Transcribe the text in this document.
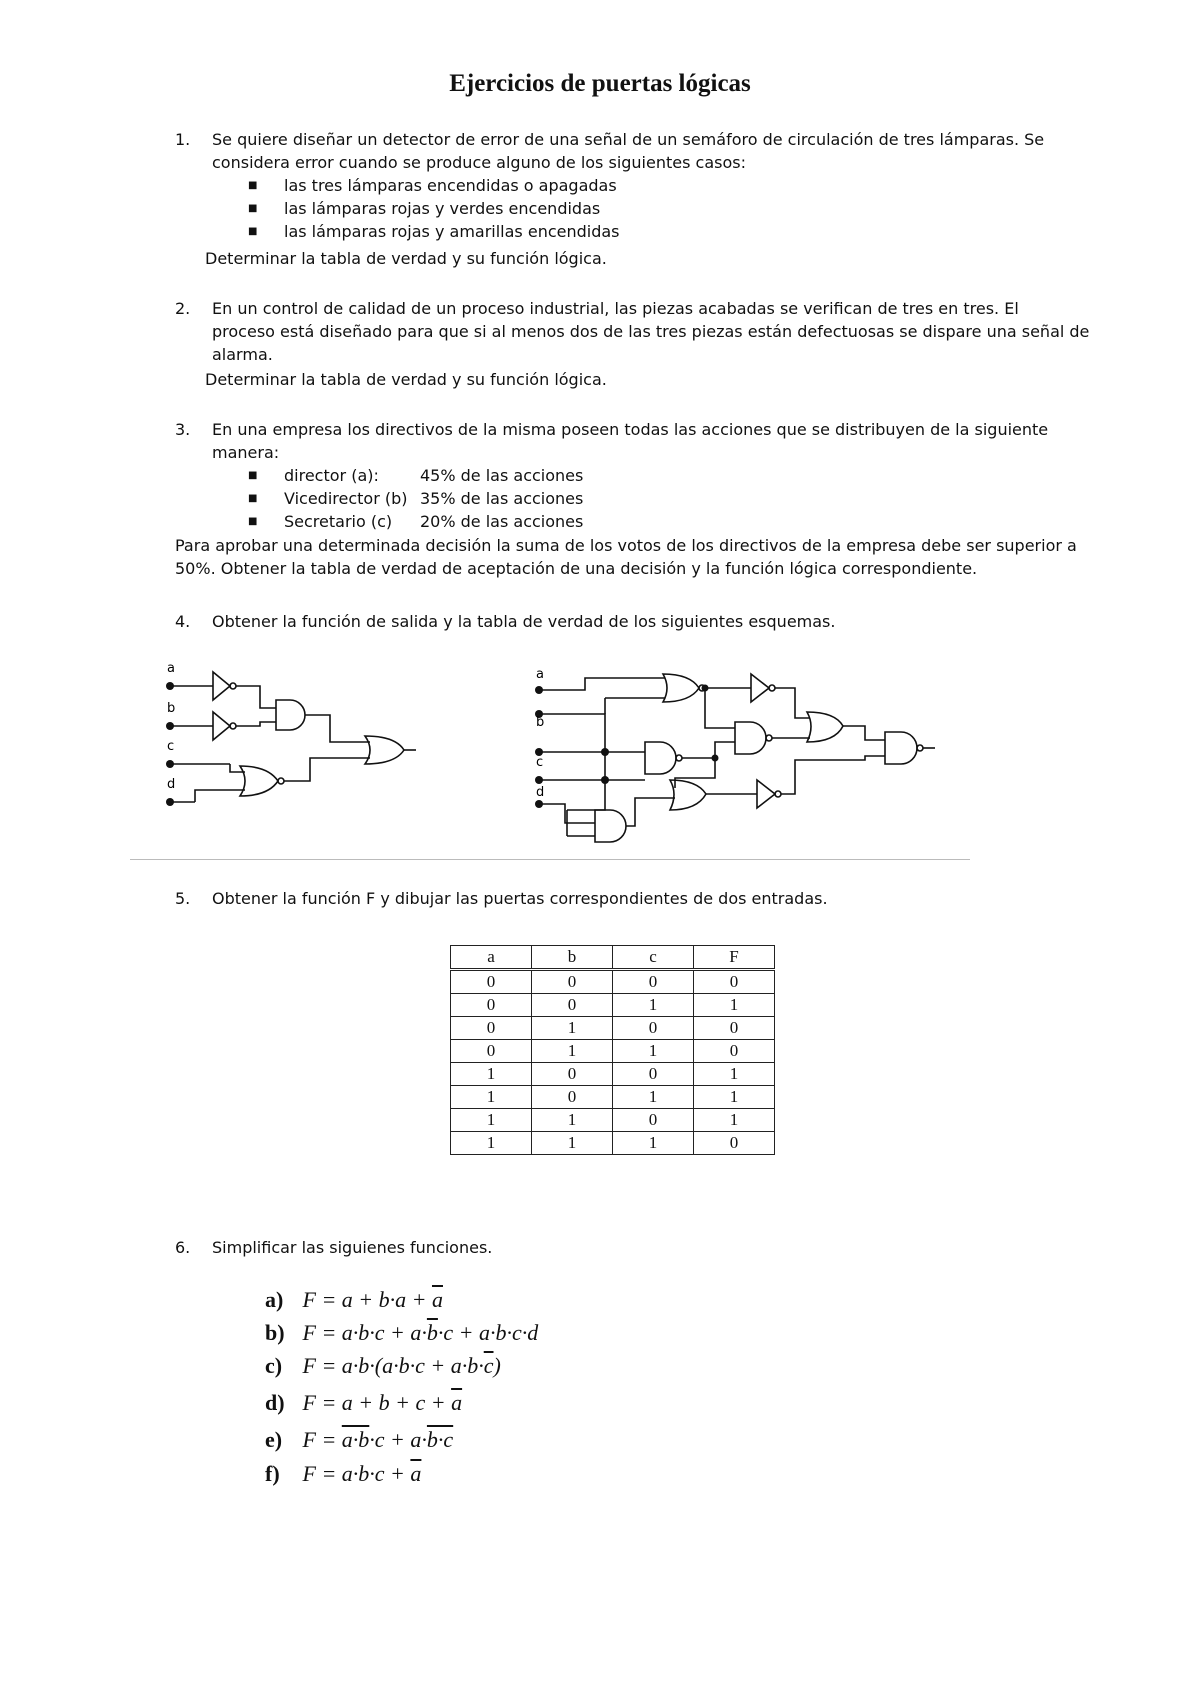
Ejercicios de puertas lógicas
1. Se quiere diseñar un detector de error de una señal de un semáforo de circulación de tres lámparas. Se
considera error cuando se produce alguno de los siguientes casos:
■ las tres lámparas encendidas o apagadas
■ las lámparas rojas y verdes encendidas
■ las lámparas rojas y amarillas encendidas
Determinar la tabla de verdad y su función lógica.
2. En un control de calidad de un proceso industrial, las piezas acabadas se verifican de tres en tres. El
proceso está diseñado para que si al menos dos de las tres piezas están defectuosas se dispare una señal de
alarma.
Determinar la tabla de verdad y su función lógica.
3. En una empresa los directivos de la misma poseen todas las acciones que se distribuyen de la siguiente
manera:
■ director (a):	45% de las acciones
■ Vicedirector (b) 35% de las acciones
■ Secretario (c) 20% de las acciones
Para aprobar una determinada decisión la suma de los votos de los directivos de la empresa debe ser superior a
50%. Obtener la tabla de verdad de aceptación de una decisión y la función lógica correspondiente.
4. Obtener la función de salida y la tabla de verdad de los siguientes esquemas.
a
b
c
d
a
b
c
d
5. Obtener la función F y dibujar las puertas correspondientes de dos entradas.
a	b	c	F
0	0	0	0
0	0	1	1
0	1	0	0
0	1	1	0
1	0	0	1
1	0	1	1
1	1	0	1
1	1	1	0
6. Simplificar las siguienes funciones.
a) $F = a + b\cdot a + \overline{a}$
b) $F = a\cdot b\cdot c + a\cdot\overline{b}\cdot c + a\cdot b\cdot c\cdot d$
c) $F = a\cdot b\cdot(a\cdot b\cdot c + a\cdot b\cdot\overline{c})$
d) $F = a + b + c + \overline{a}$
e) F = a·b·c + a·b·c
f) $F = a\cdot b\cdot c + \overline{a}$
